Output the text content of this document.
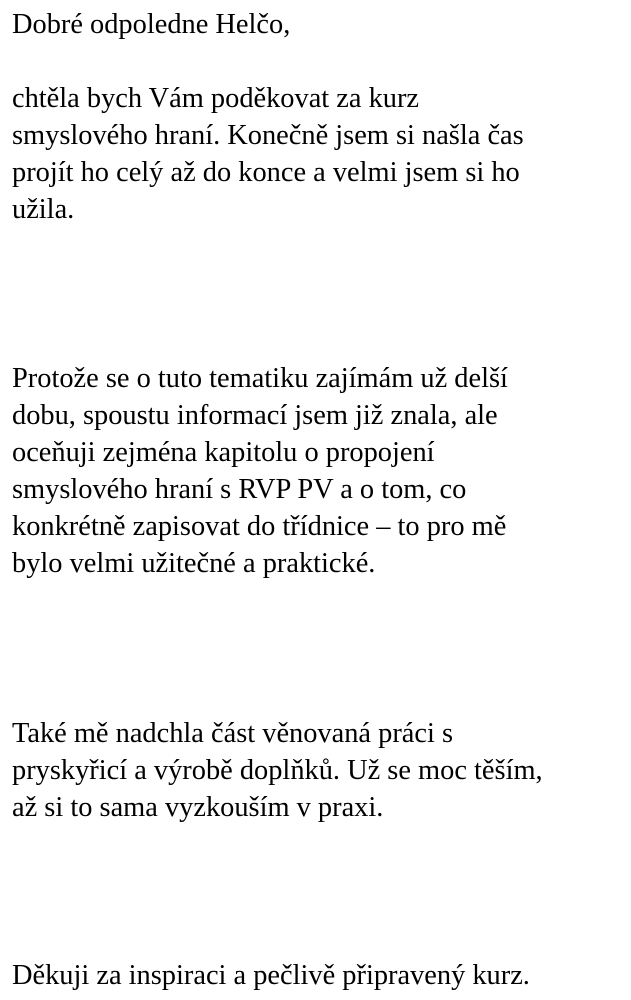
Dobré odpoledne Helčo,

chtěla bych Vám poděkovat za kurz
smyslového hraní. Konečně jsem si našla čas
projít ho celý až do konce a velmi jsem si ho
užila.

Protože se o tuto tematiku zajímám už delší
dobu, spoustu informací jsem již znala, ale
oceňuji zejména kapitolu o propojení
smyslového hraní s RVP PV a o tom, co
konkrétně zapisovat do třídnice – to pro mě
bylo velmi užitečné a praktické.

Také mě nadchla část věnovaná práci s
pryskyřicí a výrobě doplňků. Už se moc těším,
až si to sama vyzkouším v praxi.

Děkuji za inspiraci a pečlivě připravený kurz.
